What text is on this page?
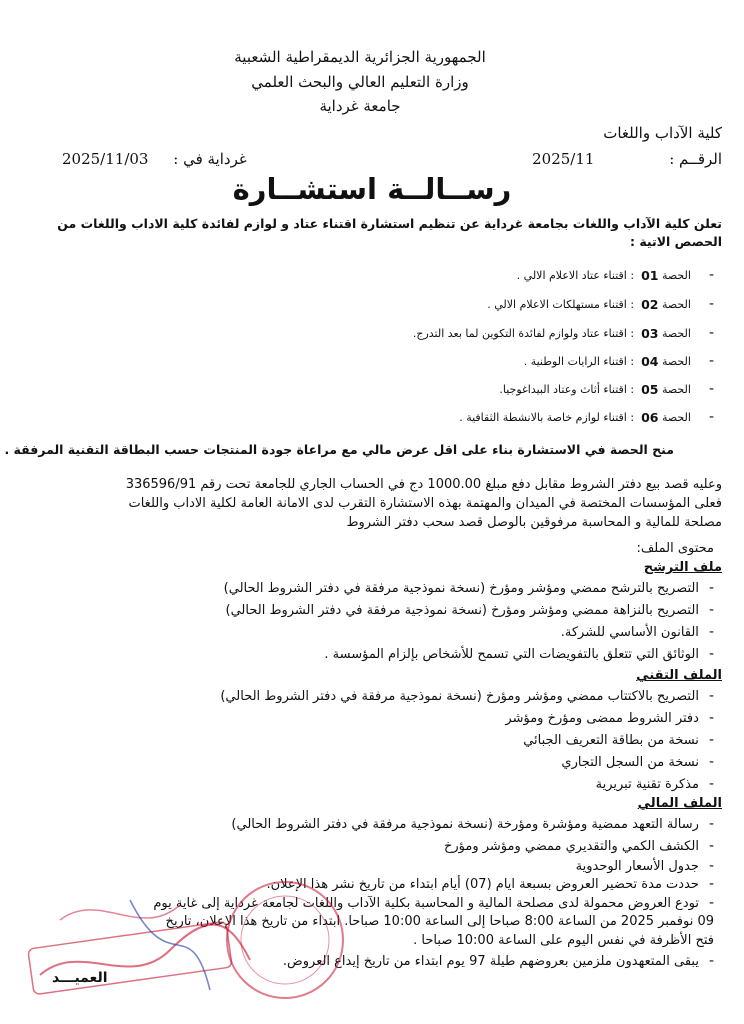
الجمهورية الجزائرية الديمقراطية الشعبية
وزارة التعليم العالي والبحث العلمي
جامعة غرداية
كلية الآداب واللغات
الرقــم : 2025/11
غرداية في : 2025/11/03
رســالــة استشــارة
تعلن كلية الآداب واللغات بجامعة غرداية عن تنظيم استشارة اقتناء عتاد و لوازم لفائدة كلية الاداب واللغات من الحصص الاتية :
-
الحصة

01

: اقتناء عتاد الاعلام الالي .
-
الحصة

02

: اقتناء مستهلكات الاعلام الالي .
-
الحصة

03

: اقتناء عتاد ولوازم لفائدة التكوين لما بعد التدرج.
-
الحصة

04

: اقتناء الرايات الوطنية .
-
الحصة

05

: اقتناء أثاث وعتاد البيداغوجيا.
-
الحصة

06

: اقتناء لوازم خاصة بالانشطة الثقافية .
منح الحصة في الاستشارة بناء على اقل عرض مالي مع مراعاة جودة المنتجات حسب البطاقة التقنية المرفقة .
وعليه قصد بيع دفتر الشروط مقابل دفع مبلغ 1000.00 دج في الحساب الجاري للجامعة تحت رقم 336596/91
فعلى المؤسسات المختصة في الميدان والمهتمة بهذه الاستشارة التقرب لدى الامانة العامة لكلية الاداب واللغات
مصلحة للمالية و المحاسبة مرفوقين بالوصل قصد سحب دفتر الشروط
محتوى الملف:
ملف الترشح
-
التصريح بالترشح ممضي ومؤشر ومؤرخ (نسخة نموذجية مرفقة في دفتر الشروط الحالي)
-
التصريح بالنزاهة ممضي ومؤشر ومؤرخ (نسخة نموذجية مرفقة في دفتر الشروط الحالي)
-
القانون الأساسي للشركة.
-
الوثائق التي تتعلق بالتفويضات التي تسمح للأشخاص بإلزام المؤسسة .
الملف التقني
-
التصريح بالاكتتاب ممضي ومؤشر ومؤرخ (نسخة نموذجية مرفقة في دفتر الشروط الحالي)
-
دفتر الشروط ممضى ومؤرخ ومؤشر
-
نسخة من بطاقة التعريف الجبائي
-
نسخة من السجل التجاري
-
مذكرة تقنية تبريرية
الملف المالي
-
رسالة التعهد ممضية ومؤشرة ومؤرخة (نسخة نموذجية مرفقة في دفتر الشروط الحالي)
-
الكشف الكمي والتقديري ممضي ومؤشر ومؤرخ
-
جدول الأسعار الوحدوية
-
حددت مدة تحضير العروض بسبعة ايام (07) أيام ابتداء من تاريخ نشر هذا الإعلان.
-
تودع العروض محمولة لدى مصلحة المالية و المحاسبة بكلية الآداب واللغات لجامعة غرداية إلى غاية يوم
09 نوفمبر 2025 من الساعة 8:00 صباحا إلى الساعة 10:00 صباحا. ابتداء من تاريخ هذا الإعلان، تاريخ
فتح الأظرفة في نفس اليوم على الساعة 10:00 صباحا .
-
يبقى المتعهدون ملزمين بعروضهم طيلة 97 يوم ابتداء من تاريخ إيداع العروض.
العميـــد
